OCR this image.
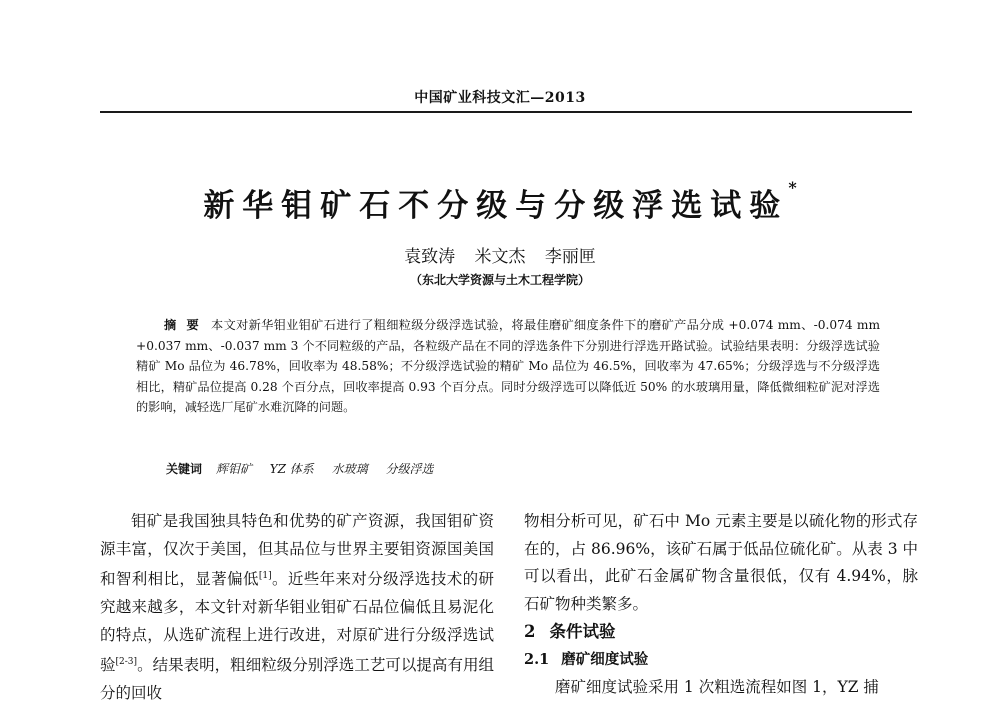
中国矿业科技文汇—2013
新华钼矿石不分级与分级浮选试验*
袁致涛 米文杰 李丽匣
（东北大学资源与土木工程学院）
摘要 本文对新华钼业钼矿石进行了粗细粒级分级浮选试验，将最佳磨矿细度条件下的磨矿产品分成 +0.074 mm、-0.074 mm +0.037 mm、-0.037 mm 3 个不同粒级的产品，各粒级产品在不同的浮选条件下分别进行浮选开路试验。试验结果表明：分级浮选试验精矿 Mo 品位为 46.78%，回收率为 48.58%；不分级浮选试验的精矿 Mo 品位为 46.5%，回收率为 47.65%；分级浮选与不分级浮选相比，精矿品位提高 0.28 个百分点，回收率提高 0.93 个百分点。同时分级浮选可以降低近 50% 的水玻璃用量，降低微细粒矿泥对浮选的影响，减轻选厂尾矿水难沉降的问题。
关键词 辉钼矿 YZ 体系 水玻璃 分级浮选

钼矿是我国独具特色和优势的矿产资源，我国钼矿资源丰富，仅次于美国，但其品位与世界主要钼资源国美国和智利相比，显著偏低[1]。近些年来对分级浮选技术的研究越来越多，本文针对新华钼业钼矿石品位偏低且易泥化的特点，从选矿流程上进行改进，对原矿进行分级浮选试验[2-3]。结果表明，粗细粒级分别浮选工艺可以提高有用组分的回收

物相分析可见，矿石中 Mo 元素主要是以硫化物的形式存在的，占 86.96%，该矿石属于低品位硫化矿。从表 3 中可以看出，此矿石金属矿物含量很低，仅有 4.94%，脉石矿物种类繁多。

2 条件试验

2.1 磨矿细度试验

磨矿细度试验采用 1 次粗选流程如图 1，YZ 捕
